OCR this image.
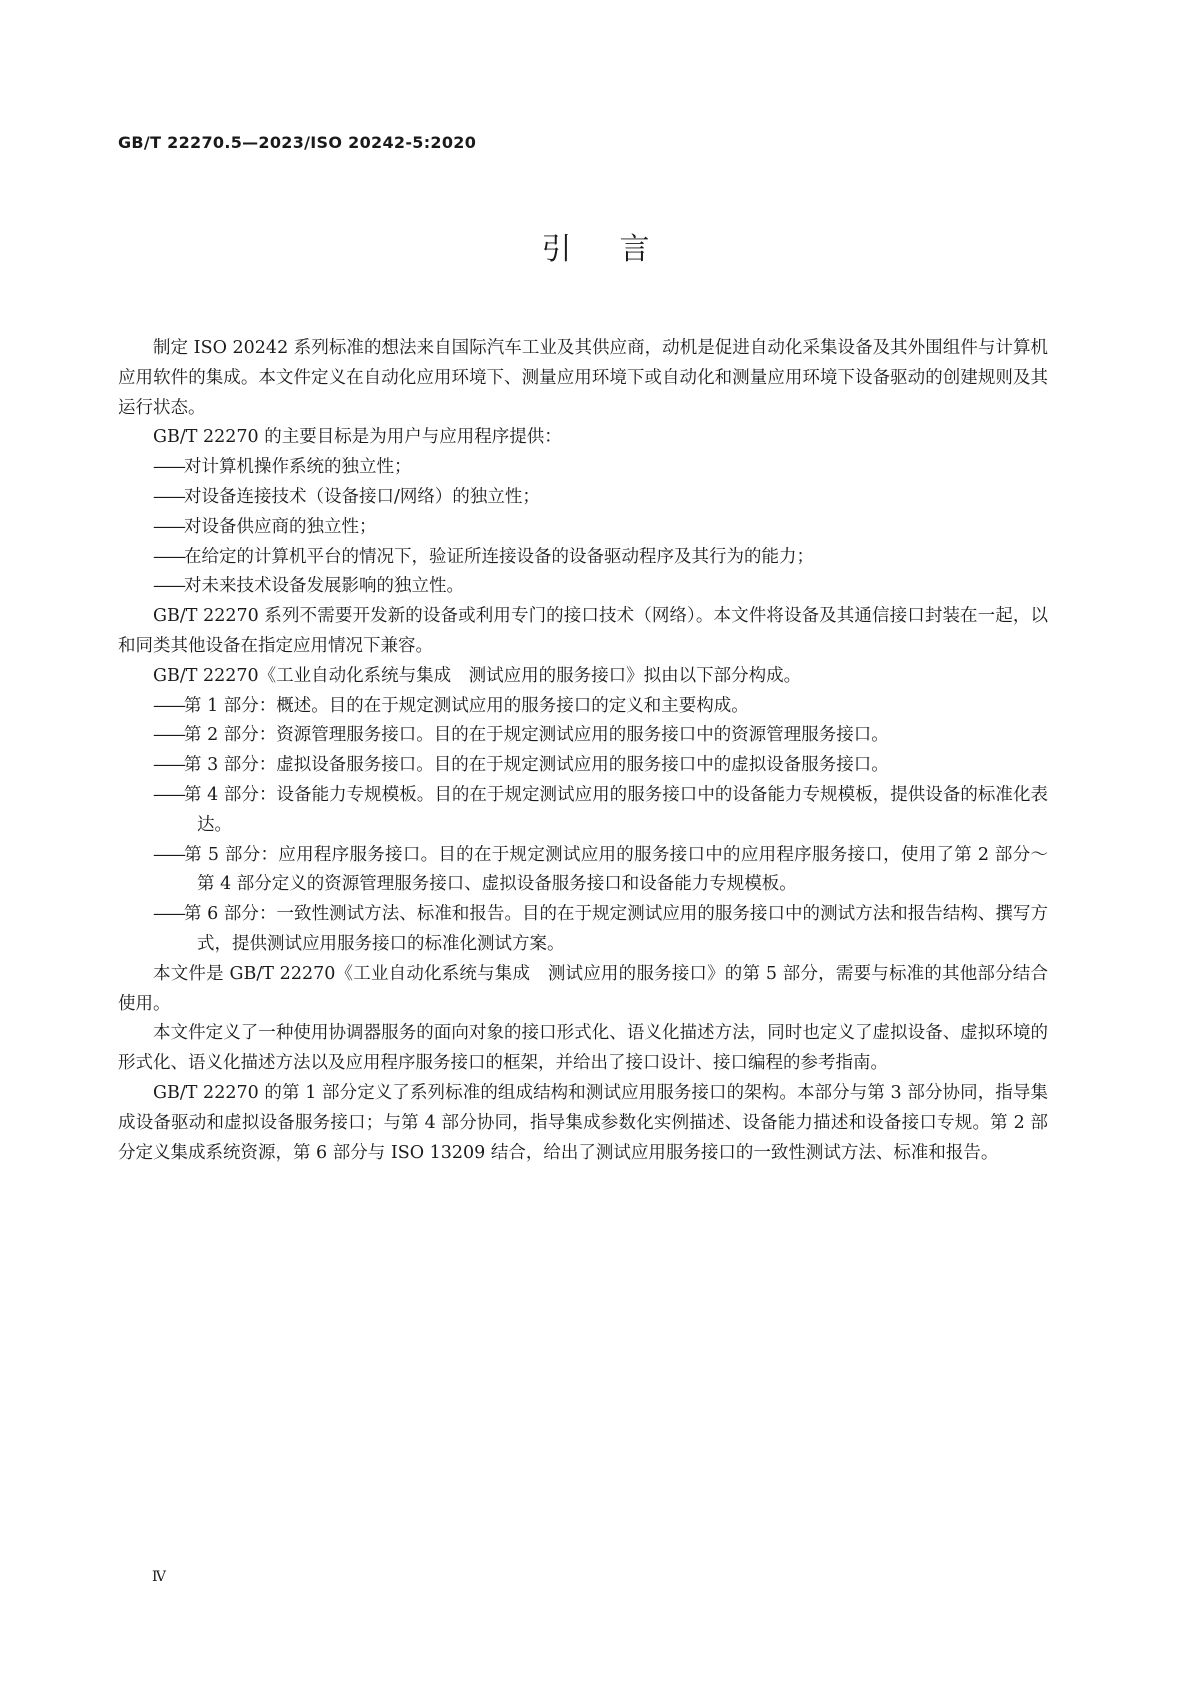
GB/T 22270.5—2023/ISO 20242-5:2020
引言

制定 ISO 20242 系列标准的想法来自国际汽车工业及其供应商，动机是促进自动化采集设备及其外围组件与计算机应用软件的集成。本文件定义在自动化应用环境下、测量应用环境下或自动化和测量应用环境下设备驱动的创建规则及其运行状态。

GB/T 22270 的主要目标是为用户与应用程序提供：

——对计算机操作系统的独立性；

——对设备连接技术（设备接口/网络）的独立性；

——对设备供应商的独立性；

——在给定的计算机平台的情况下，验证所连接设备的设备驱动程序及其行为的能力；

——对未来技术设备发展影响的独立性。

GB/T 22270 系列不需要开发新的设备或利用专门的接口技术（网络）。本文件将设备及其通信接口封装在一起，以和同类其他设备在指定应用情况下兼容。

GB/T 22270《工业自动化系统与集成　测试应用的服务接口》拟由以下部分构成。

——第 1 部分：概述。目的在于规定测试应用的服务接口的定义和主要构成。

——第 2 部分：资源管理服务接口。目的在于规定测试应用的服务接口中的资源管理服务接口。

——第 3 部分：虚拟设备服务接口。目的在于规定测试应用的服务接口中的虚拟设备服务接口。

——第 4 部分：设备能力专规模板。目的在于规定测试应用的服务接口中的设备能力专规模板，提供设备的标准化表达。

——第 5 部分：应用程序服务接口。目的在于规定测试应用的服务接口中的应用程序服务接口，使用了第 2 部分～第 4 部分定义的资源管理服务接口、虚拟设备服务接口和设备能力专规模板。

——第 6 部分：一致性测试方法、标准和报告。目的在于规定测试应用的服务接口中的测试方法和报告结构、撰写方式，提供测试应用服务接口的标准化测试方案。

本文件是 GB/T 22270《工业自动化系统与集成　测试应用的服务接口》的第 5 部分，需要与标准的其他部分结合使用。

本文件定义了一种使用协调器服务的面向对象的接口形式化、语义化描述方法，同时也定义了虚拟设备、虚拟环境的形式化、语义化描述方法以及应用程序服务接口的框架，并给出了接口设计、接口编程的参考指南。

GB/T 22270 的第 1 部分定义了系列标准的组成结构和测试应用服务接口的架构。本部分与第 3 部分协同，指导集成设备驱动和虚拟设备服务接口；与第 4 部分协同，指导集成参数化实例描述、设备能力描述和设备接口专规。第 2 部分定义集成系统资源，第 6 部分与 ISO 13209 结合，给出了测试应用服务接口的一致性测试方法、标准和报告。

Ⅳ
